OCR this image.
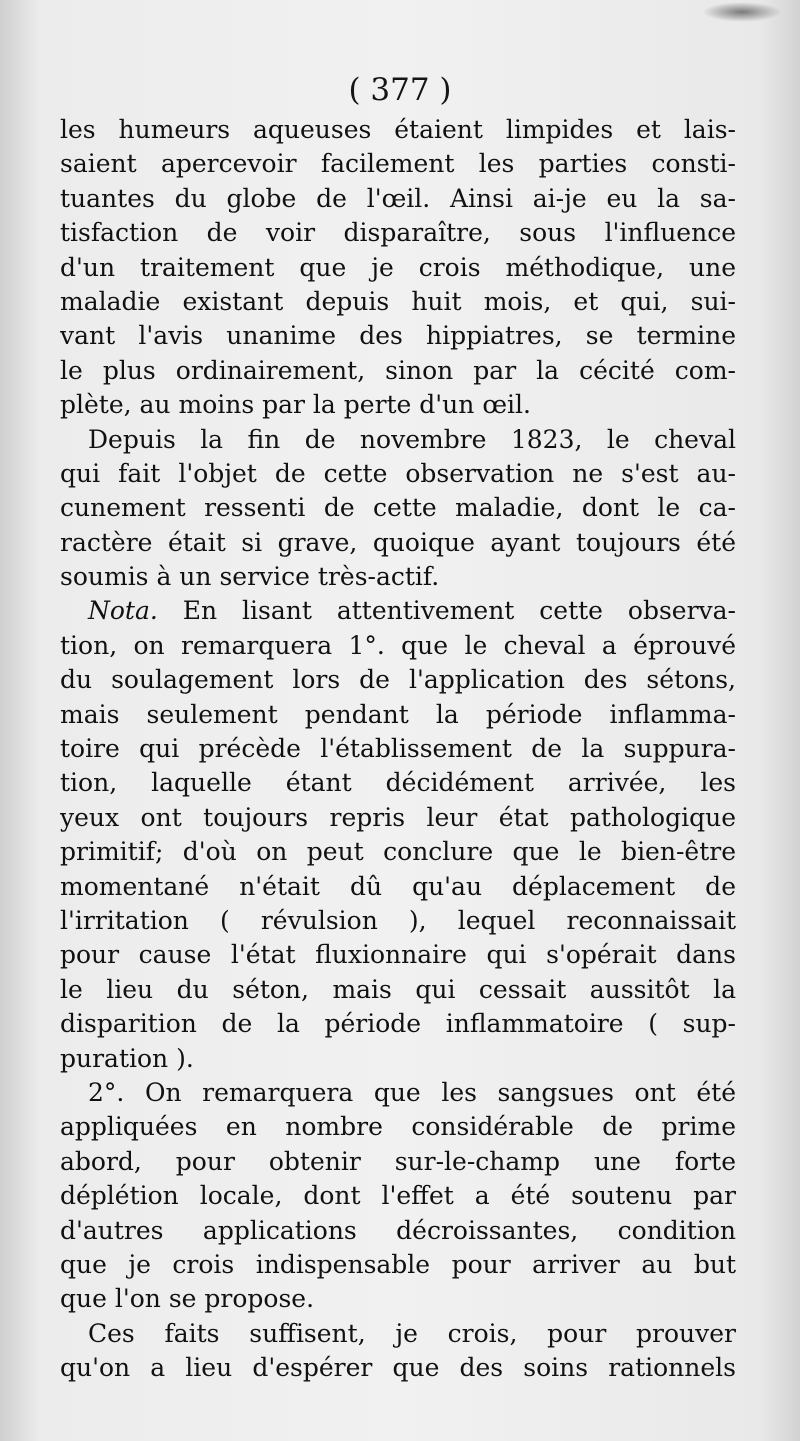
( 377 )
les humeurs aqueuses étaient limpides et lais-
saient apercevoir facilement les parties consti-
tuantes du globe de l'œil. Ainsi ai-je eu la sa-
tisfaction de voir disparaître, sous l'influence
d'un traitement que je crois méthodique, une
maladie existant depuis huit mois, et qui, sui-
vant l'avis unanime des hippiatres, se termine
le plus ordinairement, sinon par la cécité com-
plète, au moins par la perte d'un œil.
Depuis la fin de novembre 1823, le cheval
qui fait l'objet de cette observation ne s'est au-
cunement ressenti de cette maladie, dont le ca-
ractère était si grave, quoique ayant toujours été
soumis à un service très-actif.
Nota. En lisant attentivement cette observa-
tion, on remarquera 1°. que le cheval a éprouvé
du soulagement lors de l'application des sétons,
mais seulement pendant la période inflamma-
toire qui précède l'établissement de la suppura-
tion, laquelle étant décidément arrivée, les
yeux ont toujours repris leur état pathologique
primitif; d'où on peut conclure que le bien-être
momentané n'était dû qu'au déplacement de
l'irritation ( révulsion ), lequel reconnaissait
pour cause l'état fluxionnaire qui s'opérait dans
le lieu du séton, mais qui cessait aussitôt la
disparition de la période inflammatoire ( sup-
puration ).
2°. On remarquera que les sangsues ont été
appliquées en nombre considérable de prime
abord, pour obtenir sur-le-champ une forte
déplétion locale, dont l'effet a été soutenu par
d'autres applications décroissantes, condition
que je crois indispensable pour arriver au but
que l'on se propose.
Ces faits suffisent, je crois, pour prouver
qu'on a lieu d'espérer que des soins rationnels
